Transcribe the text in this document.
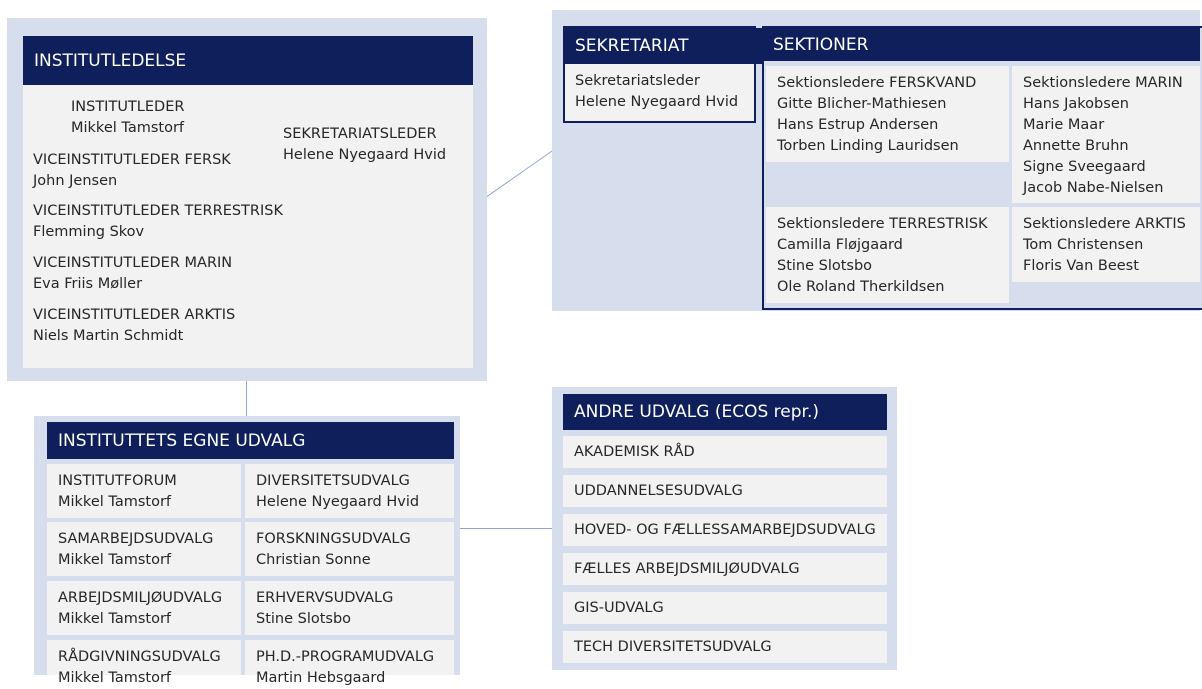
INSTITUTLEDELSE
INSTITUTLEDER
Mikkel Tamstorf
VICEINSTITUTLEDER FERSK
John Jensen
VICEINSTITUTLEDER TERRESTRISK
Flemming Skov
VICEINSTITUTLEDER MARIN
Eva Friis Møller
VICEINSTITUTLEDER ARKTIS
Niels Martin Schmidt
SEKRETARIATSLEDER
Helene Nyegaard Hvid
SEKRETARIAT
Sekretariatsleder
Helene Nyegaard Hvid
SEKTIONER
Sektionsledere FERSKVAND
Gitte Blicher-Mathiesen
Hans Estrup Andersen
Torben Linding Lauridsen
Sektionsledere MARIN
Hans Jakobsen
Marie Maar
Annette Bruhn
Signe Sveegaard
Jacob Nabe-Nielsen
Sektionsledere TERRESTRISK
Camilla Fløjgaard
Stine Slotsbo
Ole Roland Therkildsen
Sektionsledere ARKTIS
Tom Christensen
Floris Van Beest
INSTITUTTETS EGNE UDVALG
INSTITUTFORUM
Mikkel Tamstorf
DIVERSITETSUDVALG
Helene Nyegaard Hvid
SAMARBEJDSUDVALG
Mikkel Tamstorf
FORSKNINGSUDVALG
Christian Sonne
ARBEJDSMILJØUDVALG
Mikkel Tamstorf
ERHVERVSUDVALG
Stine Slotsbo
RÅDGIVNINGSUDVALG
Mikkel Tamstorf
PH.D.-PROGRAMUDVALG
Martin Hebsgaard
ANDRE UDVALG (ECOS repr.)
AKADEMISK RÅD
UDDANNELSESUDVALG
HOVED- OG FÆLLESSAMARBEJDSUDVALG
FÆLLES ARBEJDSMILJØUDVALG
GIS-UDVALG
TECH DIVERSITETSUDVALG
